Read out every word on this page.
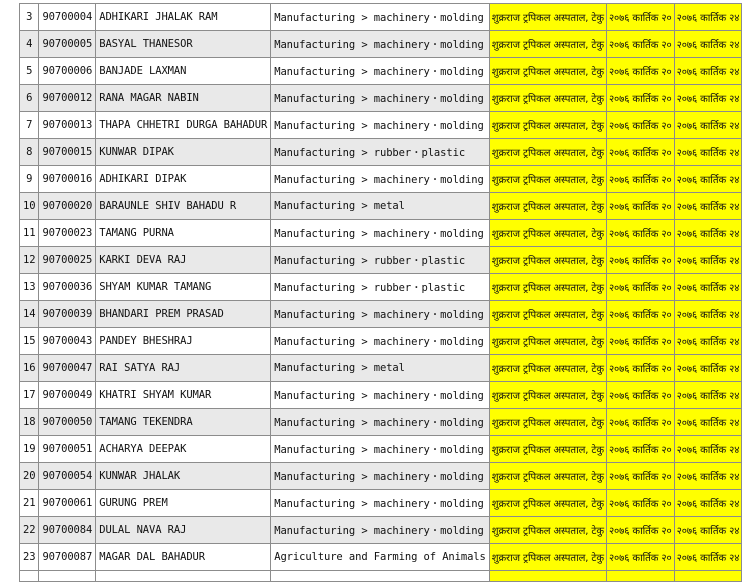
3	90700004	ADHIKARI JHALAK RAM	Manufacturing > machinery・molding	शुक्रराज ट्रपिकल अस्पताल, टेकु	२०७६ कार्तिक २०	२०७६ कार्तिक २४
4	90700005	BASYAL THANESOR	Manufacturing > machinery・molding	शुक्रराज ट्रपिकल अस्पताल, टेकु	२०७६ कार्तिक २०	२०७६ कार्तिक २४
5	90700006	BANJADE LAXMAN	Manufacturing > machinery・molding	शुक्रराज ट्रपिकल अस्पताल, टेकु	२०७६ कार्तिक २०	२०७६ कार्तिक २४
6	90700012	RANA MAGAR NABIN	Manufacturing > machinery・molding	शुक्रराज ट्रपिकल अस्पताल, टेकु	२०७६ कार्तिक २०	२०७६ कार्तिक २४
7	90700013	THAPA CHHETRI DURGA BAHADUR	Manufacturing > machinery・molding	शुक्रराज ट्रपिकल अस्पताल, टेकु	२०७६ कार्तिक २०	२०७६ कार्तिक २४
8	90700015	KUNWAR DIPAK	Manufacturing > rubber・plastic	शुक्रराज ट्रपिकल अस्पताल, टेकु	२०७६ कार्तिक २०	२०७६ कार्तिक २४
9	90700016	ADHIKARI DIPAK	Manufacturing > machinery・molding	शुक्रराज ट्रपिकल अस्पताल, टेकु	२०७६ कार्तिक २०	२०७६ कार्तिक २४
10	90700020	BARAUNLE SHIV BAHADU R	Manufacturing > metal	शुक्रराज ट्रपिकल अस्पताल, टेकु	२०७६ कार्तिक २०	२०७६ कार्तिक २४
11	90700023	TAMANG PURNA	Manufacturing > machinery・molding	शुक्रराज ट्रपिकल अस्पताल, टेकु	२०७६ कार्तिक २०	२०७६ कार्तिक २४
12	90700025	KARKI DEVA RAJ	Manufacturing > rubber・plastic	शुक्रराज ट्रपिकल अस्पताल, टेकु	२०७६ कार्तिक २०	२०७६ कार्तिक २४
13	90700036	SHYAM KUMAR TAMANG	Manufacturing > rubber・plastic	शुक्रराज ट्रपिकल अस्पताल, टेकु	२०७६ कार्तिक २०	२०७६ कार्तिक २४
14	90700039	BHANDARI PREM PRASAD	Manufacturing > machinery・molding	शुक्रराज ट्रपिकल अस्पताल, टेकु	२०७६ कार्तिक २०	२०७६ कार्तिक २४
15	90700043	PANDEY BHESHRAJ	Manufacturing > machinery・molding	शुक्रराज ट्रपिकल अस्पताल, टेकु	२०७६ कार्तिक २०	२०७६ कार्तिक २४
16	90700047	RAI SATYA RAJ	Manufacturing > metal	शुक्रराज ट्रपिकल अस्पताल, टेकु	२०७६ कार्तिक २०	२०७६ कार्तिक २४
17	90700049	KHATRI SHYAM KUMAR	Manufacturing > machinery・molding	शुक्रराज ट्रपिकल अस्पताल, टेकु	२०७६ कार्तिक २०	२०७६ कार्तिक २४
18	90700050	TAMANG TEKENDRA	Manufacturing > machinery・molding	शुक्रराज ट्रपिकल अस्पताल, टेकु	२०७६ कार्तिक २०	२०७६ कार्तिक २४
19	90700051	ACHARYA DEEPAK	Manufacturing > machinery・molding	शुक्रराज ट्रपिकल अस्पताल, टेकु	२०७६ कार्तिक २०	२०७६ कार्तिक २४
20	90700054	KUNWAR JHALAK	Manufacturing > machinery・molding	शुक्रराज ट्रपिकल अस्पताल, टेकु	२०७६ कार्तिक २०	२०७६ कार्तिक २४
21	90700061	GURUNG PREM	Manufacturing > machinery・molding	शुक्रराज ट्रपिकल अस्पताल, टेकु	२०७६ कार्तिक २०	२०७६ कार्तिक २४
22	90700084	DULAL NAVA RAJ	Manufacturing > machinery・molding	शुक्रराज ट्रपिकल अस्पताल, टेकु	२०७६ कार्तिक २०	२०७६ कार्तिक २४
23	90700087	MAGAR DAL BAHADUR	Agriculture and Farming of Animals	शुक्रराज ट्रपिकल अस्पताल, टेकु	२०७६ कार्तिक २०	२०७६ कार्तिक २४
